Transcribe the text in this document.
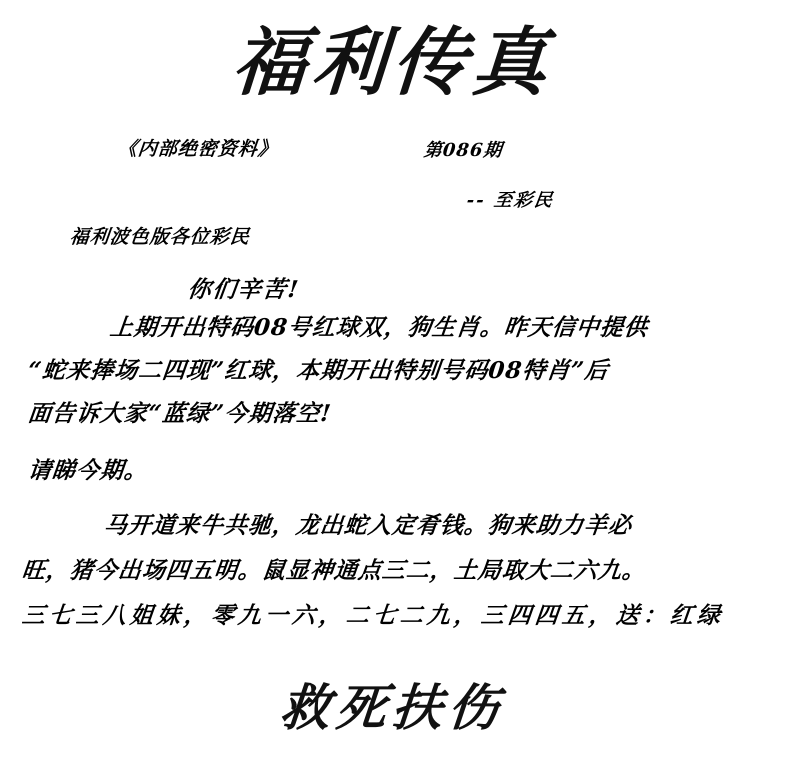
福利传真
《内部绝密资料》	第086期
-- 至彩民
福利波色版各位彩民
你们辛苦!

上期开出特码08号红球双，狗生肖。昨天信中提供

“蛇来捧场二四现”红球，本期开出特别号码08特肖”后

面告诉大家“蓝绿”今期落空!

请睇今期。

马开道来牛共驰，龙出蛇入定肴钱。狗来助力羊必

旺，猪今出场四五明。鼠显神通点三二，土局取大二六九。

三七三八姐妹，零九一六，二七二九，三四四五，送：红绿

救死扶伤
